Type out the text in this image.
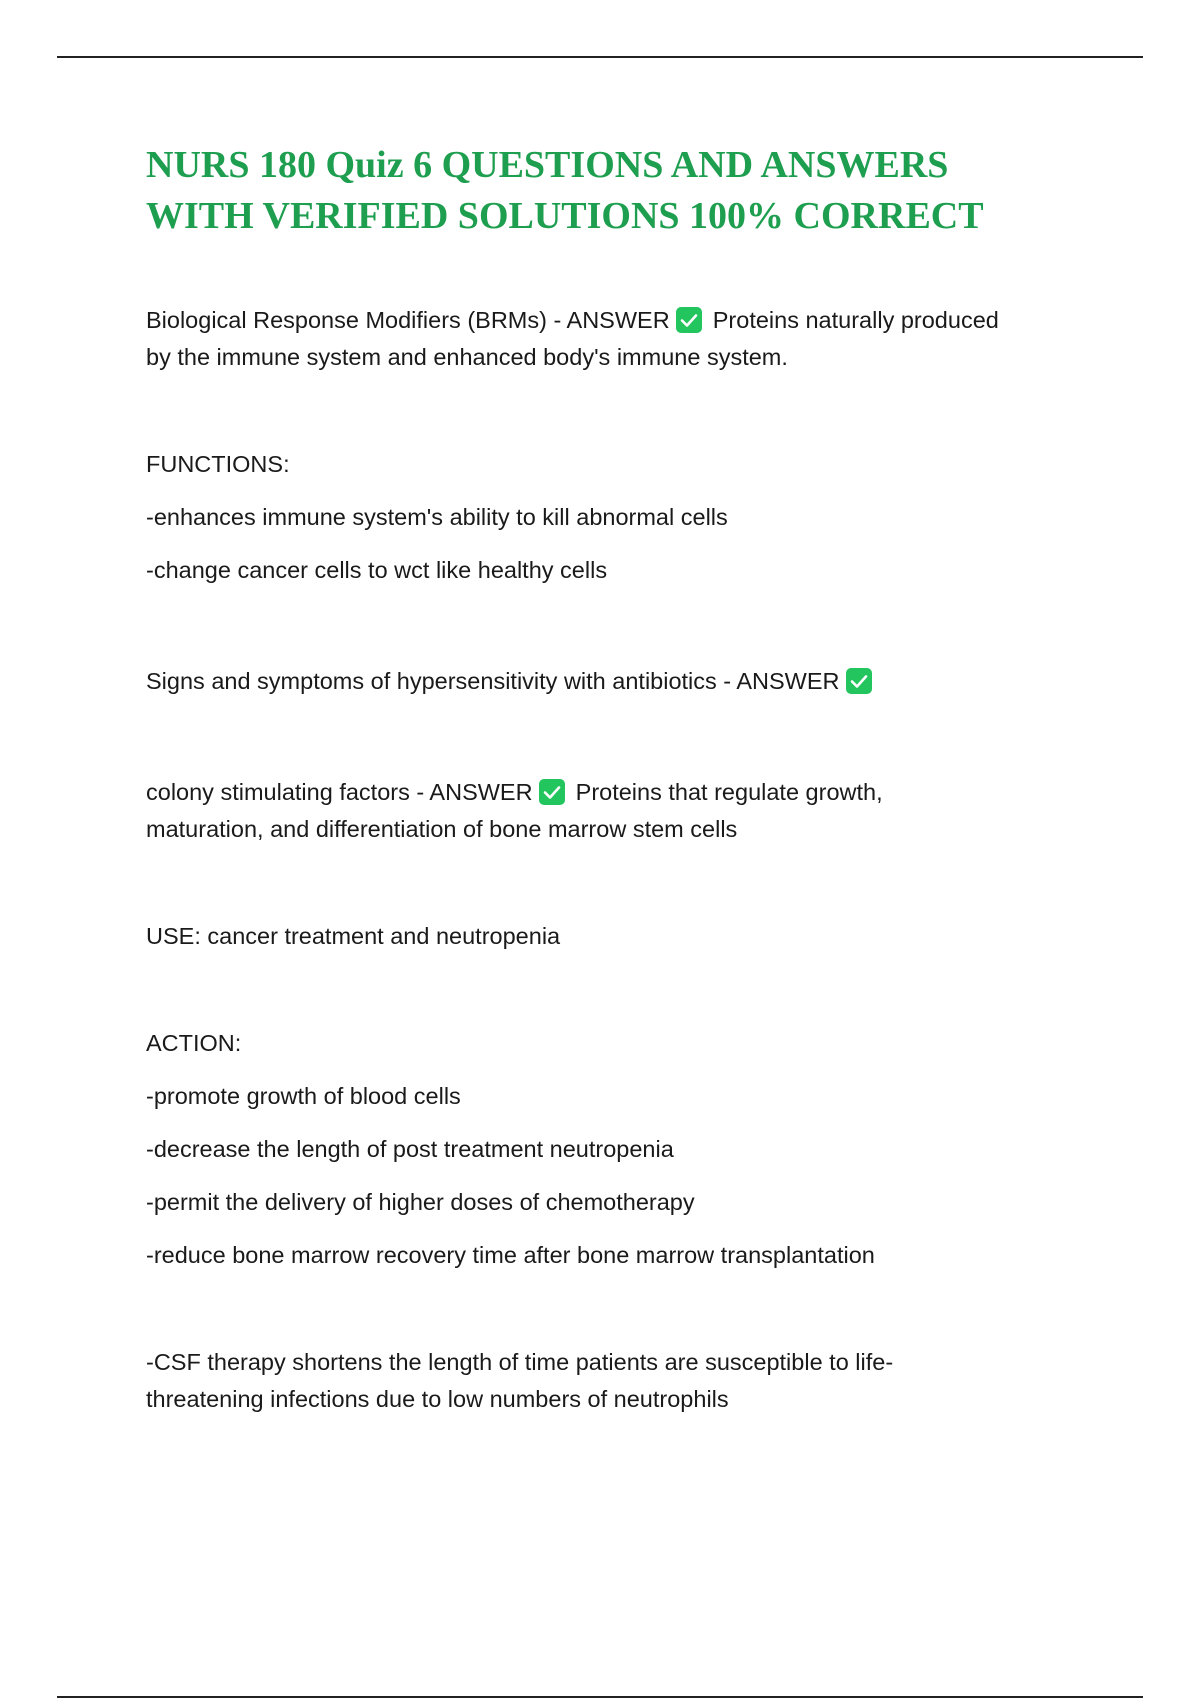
NURS 180 Quiz 6 QUESTIONS AND ANSWERS
WITH VERIFIED SOLUTIONS 100% CORRECT

Biological Response Modifiers (BRMs) - ANSWER Proteins naturally produced
by the immune system and enhanced body's immune system.

FUNCTIONS:

-enhances immune system's ability to kill abnormal cells

-change cancer cells to wct like healthy cells

Signs and symptoms of hypersensitivity with antibiotics - ANSWER

colony stimulating factors - ANSWER Proteins that regulate growth,
maturation, and differentiation of bone marrow stem cells

USE: cancer treatment and neutropenia

ACTION:

-promote growth of blood cells

-decrease the length of post treatment neutropenia

-permit the delivery of higher doses of chemotherapy

-reduce bone marrow recovery time after bone marrow transplantation

-CSF therapy shortens the length of time patients are susceptible to life-
threatening infections due to low numbers of neutrophils
